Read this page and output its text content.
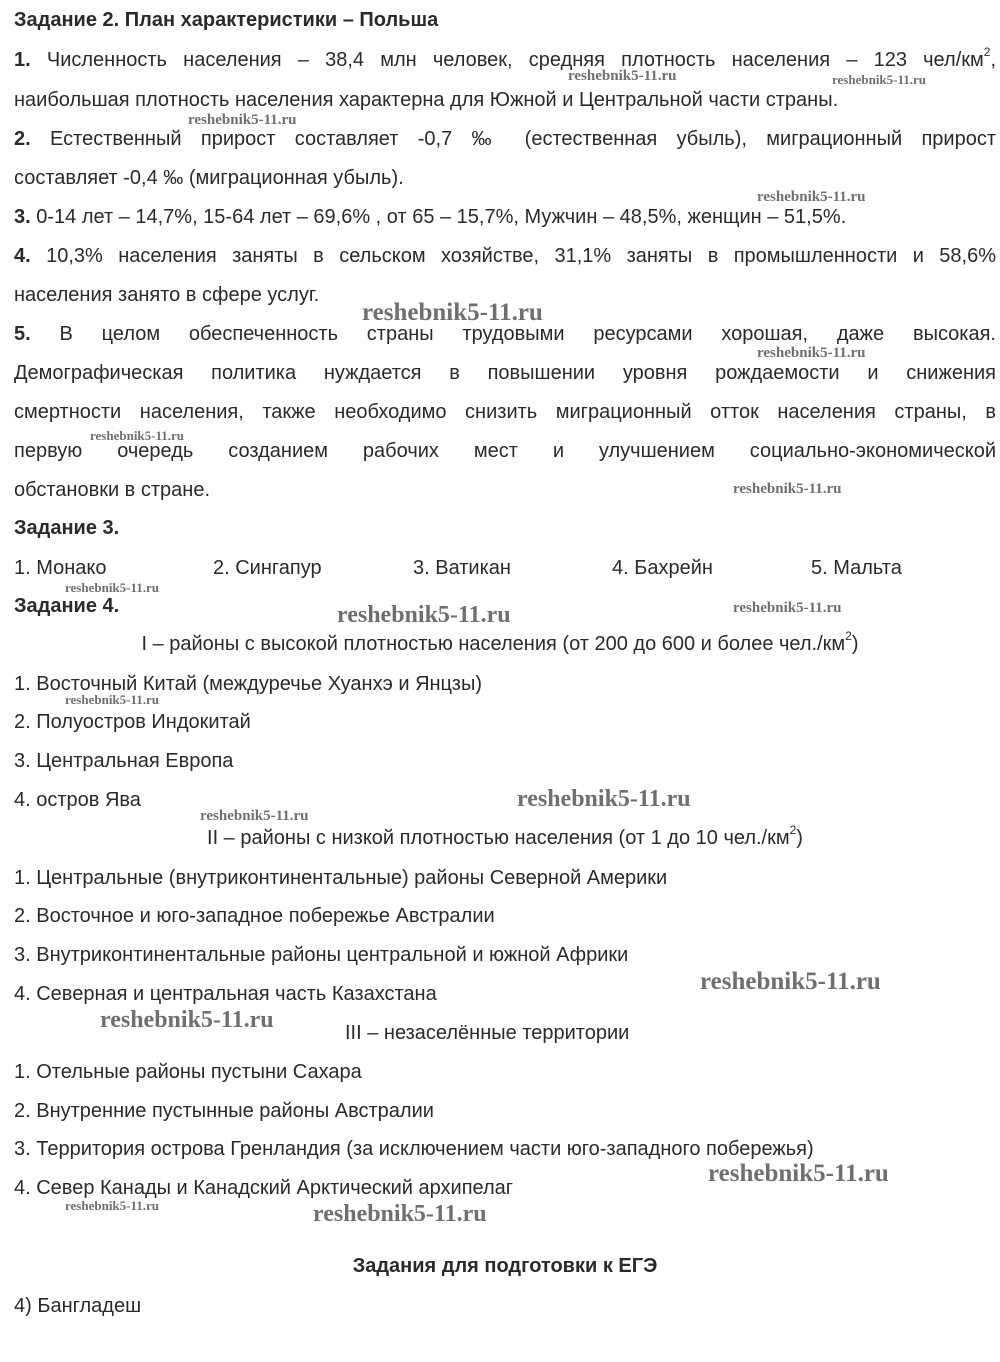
Задание 2. План характеристики – Польша
1. Численность населения – 38,4 млн человек, средняя плотность населения – 123 чел/$км^2$,
наибольшая плотность населения характерна для Южной и Центральной части страны.
2. Естественный прирост составляет -0,7 ‰ (естественная убыль), миграционный прирост
составляет -0,4 ‰ (миграционная убыль).
3. 0-14 лет – 14,7%, 15-64 лет – 69,6% , от 65 – 15,7%, Мужчин – 48,5%, женщин – 51,5%.
4. 10,3% населения заняты в сельском хозяйстве, 31,1% заняты в промышленности и 58,6%
населения занято в сфере услуг.
5. В целом обеспеченность страны трудовыми ресурсами хорошая, даже высокая.
Демографическая политика нуждается в повышении уровня рождаемости и снижения
смертности населения, также необходимо снизить миграционный отток населения страны, в
первую очередь созданием рабочих мест и улучшением социально-экономической
обстановки в стране.
Задание 3.
1. Монако	2. Сингапур	3. Ватикан	4. Бахрейн	5. Мальта
Задание 4.
I – районы с высокой плотностью населения (от 200 до 600 и более $чел./км^2$)
1. Восточный Китай (междуречье Хуанхэ и Янцзы)
2. Полуостров Индокитай
3. Центральная Европа
4. остров Ява
II – районы с низкой плотностью населения (от 1 до 10 $чел./км^2$)
1. Центральные (внутриконтинентальные) районы Северной Америки
2. Восточное и юго-западное побережье Австралии
3. Внутриконтинентальные районы центральной и южной Африки
4. Северная и центральная часть Казахстана
III – незаселённые территории
1. Отельные районы пустыни Сахара
2. Внутренние пустынные районы Австралии
3. Территория острова Гренландия (за исключением части юго-западного побережья)
4. Север Канады и Канадский Арктический архипелаг
Задания для подготовки к ЕГЭ
4) Бангладеш
reshebnik5-11.ru	reshebnik5-11.ru
reshebnik5-11.ru
reshebnik5-11.ru
reshebnik5-11.ru
reshebnik5-11.ru
reshebnik5-11.ru
reshebnik5-11.ru
reshebnik5-11.ru
reshebnik5-11.ru	reshebnik5-11.ru
reshebnik5-11.ru
reshebnik5-11.ru
reshebnik5-11.ru
reshebnik5-11.ru
reshebnik5-11.ru
reshebnik5-11.ru
reshebnik5-11.ru	reshebnik5-11.ru
